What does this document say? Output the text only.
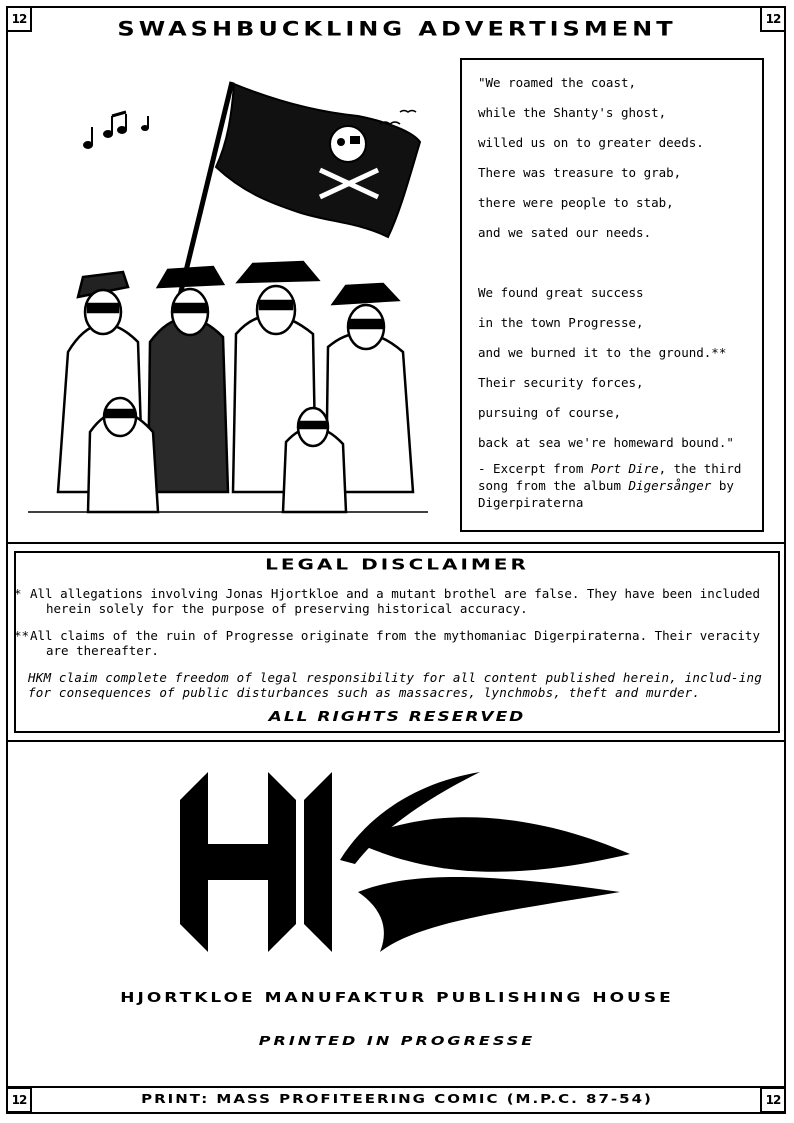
12	12
12	12
SWASHBUCKLING ADVERTISMENT
"We roamed the coast,
while the Shanty's ghost,
willed us on to greater deeds.
There was treasure to grab,
there were people to stab,
and we sated our needs.
We found great success
in the town Progresse,
and we burned it to the ground.**
Their security forces,
pursuing of course,
back at sea we're homeward bound."
- Excerpt from Port Dire, the third song from the album Digersånger by Digerpiraterna
LEGAL DISCLAIMER
*All allegations involving Jonas Hjortkloe and a mutant brothel are false. They have been included herein solely for the purpose of preserving historical accuracy.
**All claims of the ruin of Progresse originate from the mythomaniac Digerpiraterna. Their veracity are thereafter.
HKM claim complete freedom of legal responsibility for all content published herein, includ-ing for consequences of public disturbances such as massacres, lynchmobs, theft and murder.
ALL RIGHTS RESERVED
HJORTKLOE MANUFAKTUR PUBLISHING HOUSE
PRINTED IN PROGRESSE
PRINT: MASS PROFITEERING COMIC (M.P.C. 87-54)
